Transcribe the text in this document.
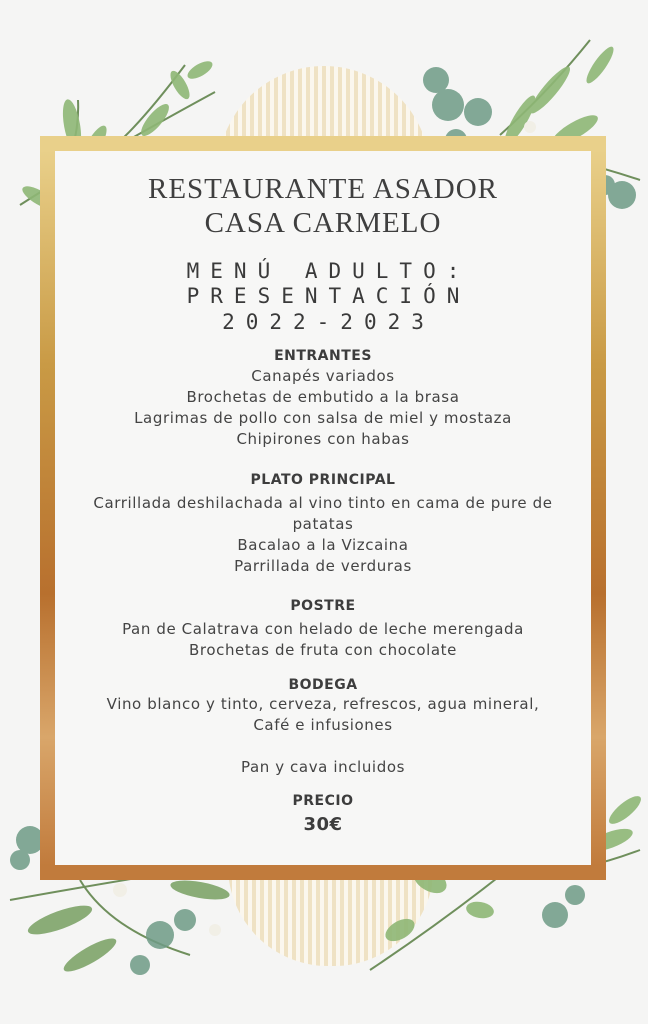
RESTAURANTE ASADOR
CASA CARMELO
MENÚ ADULTO:
PRESENTACIÓN
2022-2023
ENTRANTES
Canapés variados
Brochetas de embutido a la brasa
Lagrimas de pollo con salsa de miel y mostaza
Chipirones con habas
PLATO PRINCIPAL
Carrillada deshilachada al vino tinto en cama de pure de
patatas
Bacalao a la Vizcaina
Parrillada de verduras
POSTRE
Pan de Calatrava con helado de leche merengada
Brochetas de fruta con chocolate
BODEGA
Vino blanco y tinto, cerveza, refrescos, agua mineral,
Café e infusiones
Pan y cava incluidos
PRECIO
30€
